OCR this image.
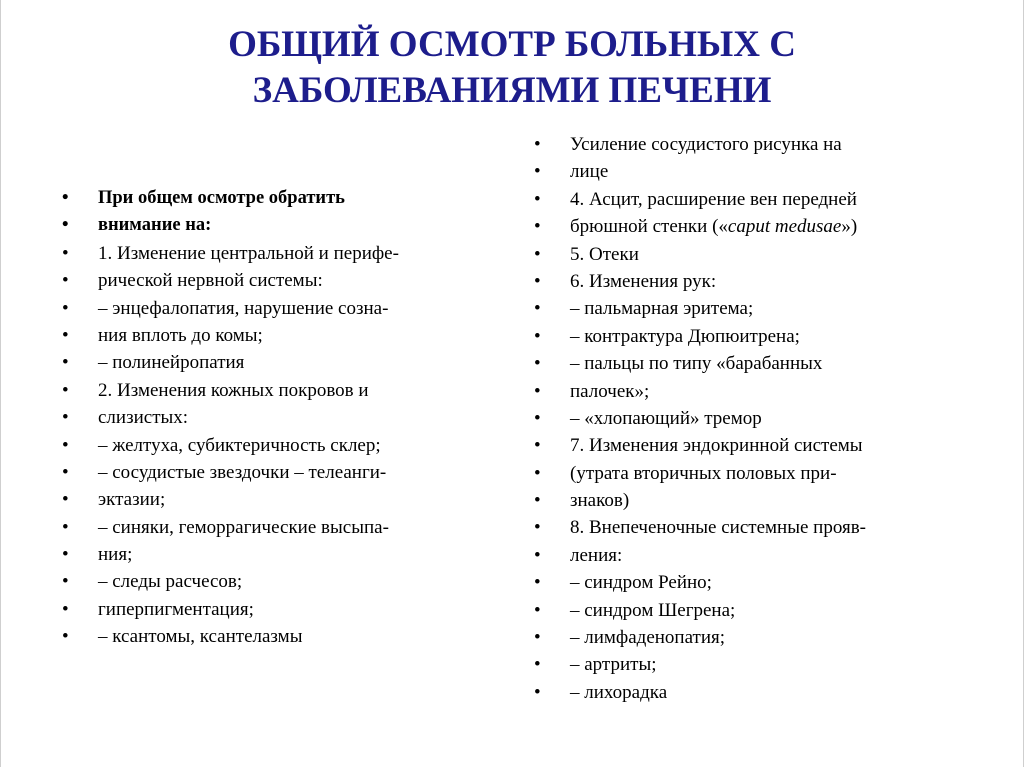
ОБЩИЙ ОСМОТР БОЛЬНЫХ С
ЗАБОЛЕВАНИЯМИ ПЕЧЕНИ
• При общем осмотре обратить
• внимание на:
• 1. Изменение центральной и перифе-
• рической нервной системы:
• – энцефалопатия, нарушение созна-
• ния вплоть до комы;
• – полинейропатия
• 2. Изменения кожных покровов и
• слизистых:
• – желтуха, субиктеричность склер;
• – сосудистые звездочки – телеанги-
• эктазии;
• – синяки, геморрагические высыпа-
• ния;
• – следы расчесов;
• гиперпигментация;
• – ксантомы, ксантелазмы
• Усиление сосудистого рисунка на
• лице
• 4. Асцит, расширение вен передней
• брюшной стенки («caput medusae»)
• 5. Отеки
• 6. Изменения рук:
• – пальмарная эритема;
• – контрактура Дюпюитрена;
• – пальцы по типу «барабанных
• палочек»;
• – «хлопающий» тремор
• 7. Изменения эндокринной системы
• (утрата вторичных половых при-
• знаков)
• 8. Внепеченочные системные прояв-
• ления:
• – синдром Рейно;
• – синдром Шегрена;
• – лимфаденопатия;
• – артриты;
• – лихорадка
